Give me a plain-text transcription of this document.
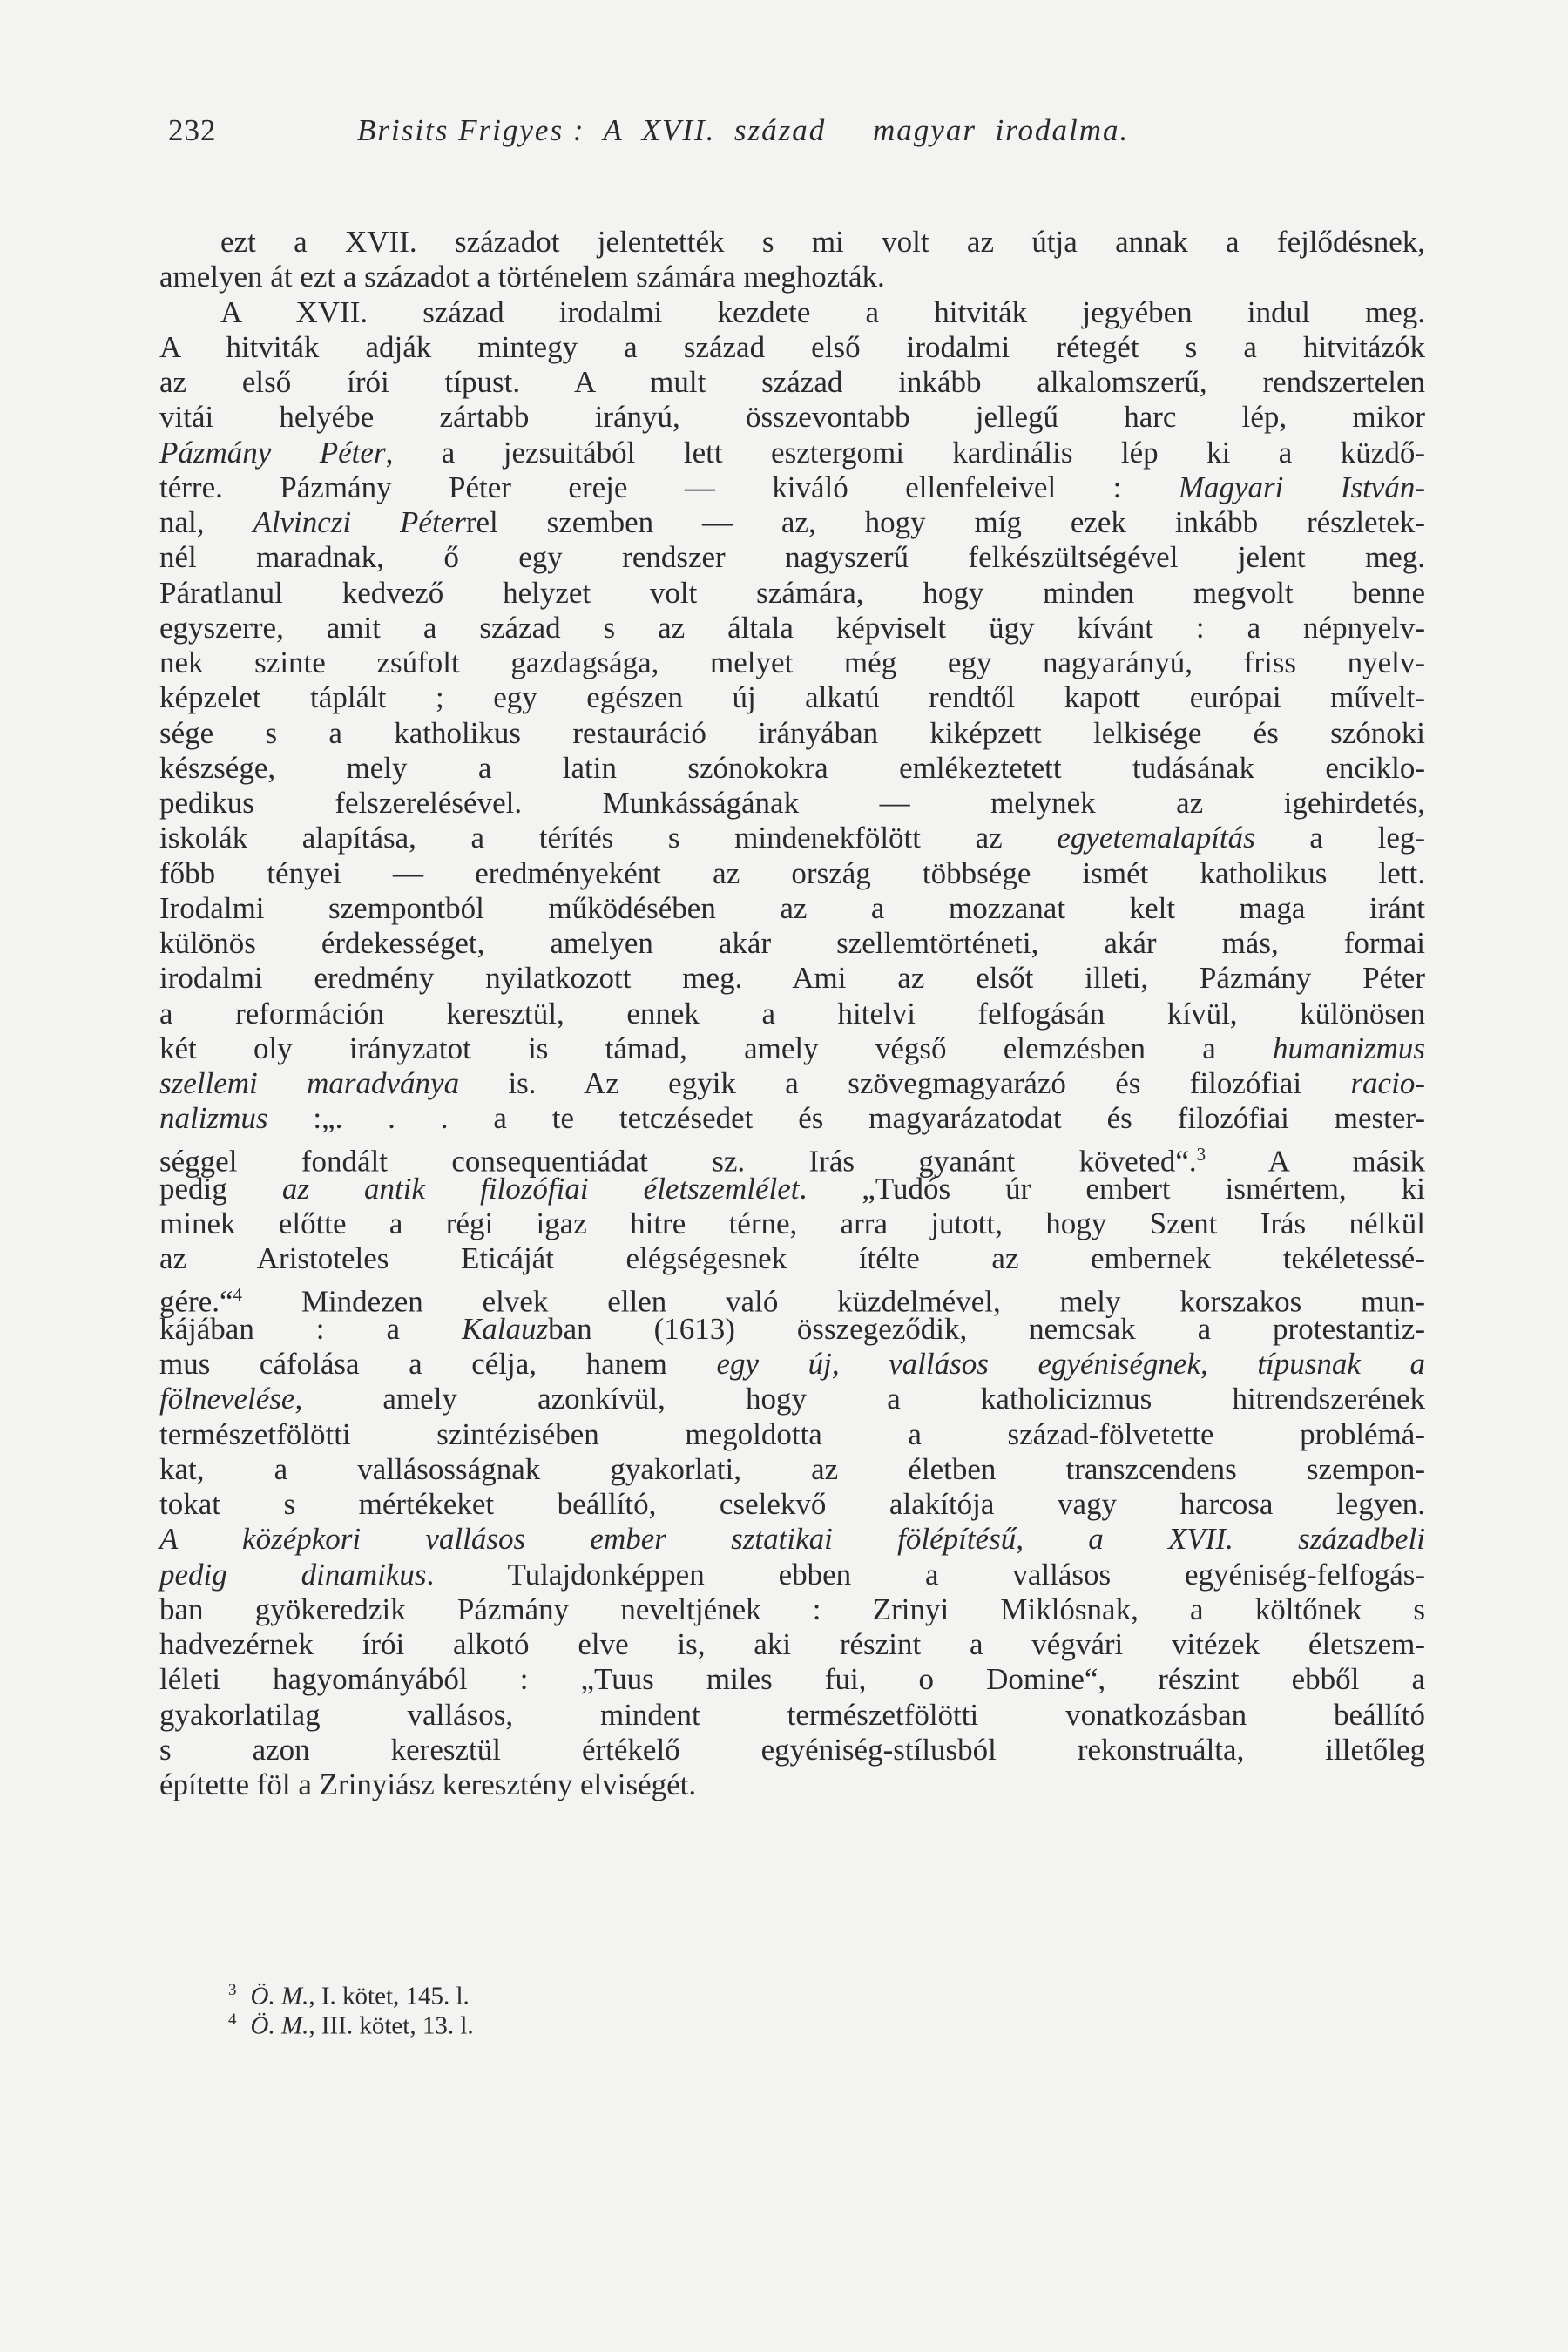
232	Brisits Frigyes :  A  XVII.  század     magyar  irodalma.
ezt a XVII. századot jelentették s mi volt az útja annak a fejlődésnek,
amelyen át ezt a századot a történelem számára meghozták.
A XVII. század irodalmi kezdete a hitviták jegyében indul meg.
A hitviták adják mintegy a század első irodalmi rétegét s a hitvitázók
az első írói típust. A mult század inkább alkalomszerű, rendszertelen
vitái helyébe zártabb irányú, összevontabb jellegű harc lép, mikor
Pázmány Péter, a jezsuitából lett esztergomi kardinális lép ki a küzdő-
térre. Pázmány Péter ereje — kiváló ellenfeleivel : Magyari István-
nal, Alvinczi Péterrel szemben — az, hogy míg ezek inkább részletek-
nél maradnak, ő egy rendszer nagyszerű felkészültségével jelent meg.
Páratlanul kedvező helyzet volt számára, hogy minden megvolt benne
egyszerre, amit a század s az általa képviselt ügy kívánt : a népnyelv-
nek szinte zsúfolt gazdagsága, melyet még egy nagyarányú, friss nyelv-
képzelet táplált ; egy egészen új alkatú rendtől kapott európai művelt-
sége s a katholikus restauráció irányában kiképzett lelkisége és szónoki
készsége, mely a latin szónokokra emlékeztetett tudásának enciklo-
pedikus felszerelésével. Munkásságának — melynek az igehirdetés,
iskolák alapítása, a térítés s mindenekfölött az egyetemalapítás a leg-
főbb tényei — eredményeként az ország többsége ismét katholikus lett.
Irodalmi szempontból működésében az a mozzanat kelt maga iránt
különös érdekességet, amelyen akár szellemtörténeti, akár más, formai
irodalmi eredmény nyilatkozott meg. Ami az elsőt illeti, Pázmány Péter
a reformáción keresztül, ennek a hitelvi felfogásán kívül, különösen
két oly irányzatot is támad, amely végső elemzésben a humanizmus
szellemi maradványa is. Az egyik a szövegmagyarázó és filozófiai racio-
nalizmus :„. . . a te tetczésedet és magyarázatodat és filozófiai mester-
séggel fondált consequentiádat sz. Irás gyanánt követed“.$^3$ A másik
pedig az antik filozófiai életszemlélet. „Tudós úr embert ismértem, ki
minek előtte a régi igaz hitre térne, arra jutott, hogy Szent Irás nélkül
az Aristoteles Eticáját elégségesnek ítélte az embernek tekéletessé-
gére.“$^4$ Mindezen elvek ellen való küzdelmével, mely korszakos mun-
kájában : a Kalauzban (1613) összegeződik, nemcsak a protestantiz-
mus cáfolása a célja, hanem egy új, vallásos egyéniségnek, típusnak a
fölnevelése, amely azonkívül, hogy a katholicizmus hitrendszerének
természetfölötti szintézisében megoldotta a század-fölvetette problémá-
kat, a vallásosságnak gyakorlati, az életben transzcendens szempon-
tokat s mértékeket beállító, cselekvő alakítója vagy harcosa legyen.
A középkori vallásos ember sztatikai fölépítésű, a XVII. századbeli
pedig dinamikus. Tulajdonképpen ebben a vallásos egyéniség-felfogás-
ban gyökeredzik Pázmány neveltjének : Zrinyi Miklósnak, a költőnek s
hadvezérnek írói alkotó elve is, aki részint a végvári vitézek életszem-
léleti hagyományából : „Tuus miles fui, o Domine“, részint ebből a
gyakorlatilag vallásos, mindent természetfölötti vonatkozásban beállító
s azon keresztül értékelő egyéniség-stílusból rekonstruálta, illetőleg
építette föl a Zrinyiász keresztény elviségét.
$^3$ Ö. M., I. kötet, 145. l.
$^4$ Ö. M., III. kötet, 13. l.
